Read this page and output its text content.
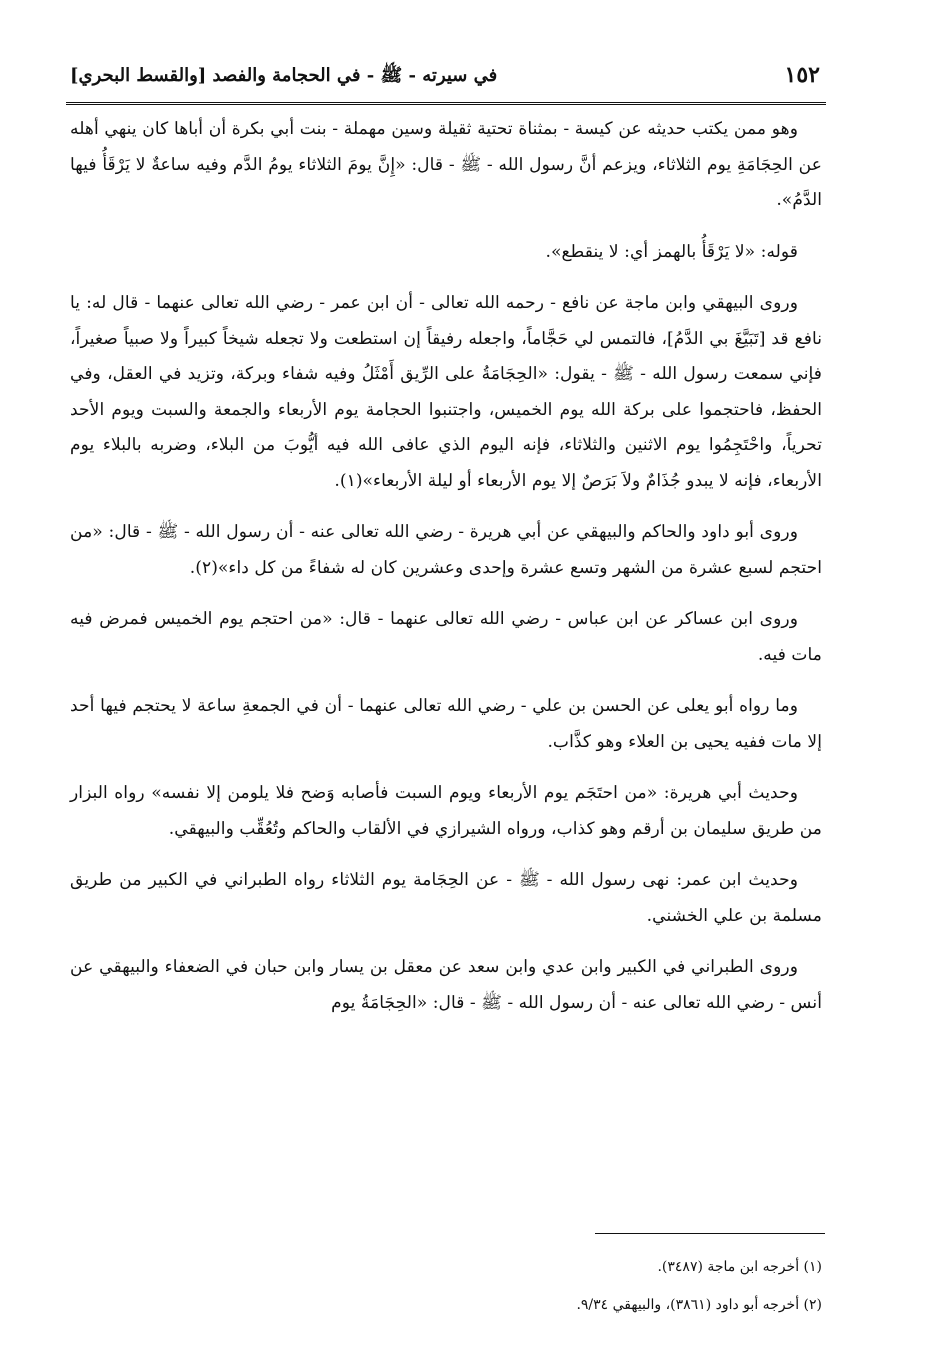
١٥٢
في سيرته - ﷺ - في الحجامة والفصد [والقسط البحري]

وهو ممن يكتب حديثه عن كيسة - بمثناة تحتية ثقيلة وسين مهملة - بنت أبي بكرة أن أباها كان ينهي أهله عن الحِجَامَةِ يوم الثلاثاء، ويزعم أنَّ رسول الله - ﷺ - قال: «إِنَّ يومَ الثلاثاء يومُ الدَّم وفيه ساعةٌ لا يَرْقَأُ فيها الدَّمُ».

قوله: «لا يَرْقَأُ بالهمز أي: لا ينقطع».

وروى البيهقي وابن ماجة عن نافع - رحمه الله تعالى - أن ابن عمر - رضي الله تعالى عنهما - قال له: يا نافع قد [تَبَيَّغَ بي الدَّمُ]، فالتمس لي حَجَّاماً، واجعله رفيقاً إن استطعت ولا تجعله شيخاً كبيراً ولا صبياً صغيراً، فإني سمعت رسول الله - ﷺ - يقول: «الحِجَامَةُ على الرِّيق أَمْثَلُ وفيه شفاء وبركة، وتزيد في العقل، وفي الحفظ، فاحتجموا على بركة الله يوم الخميس، واجتنبوا الحجامة يوم الأربعاء والجمعة والسبت ويوم الأحد تحرياً، واحْتَجِمُوا يوم الاثنين والثلاثاء، فإنه اليوم الذي عافى الله فيه أيُّوبَ من البلاء، وضربه بالبلاء يوم الأربعاء، فإنه لا يبدو جُذَامٌ ولاَ بَرَصٌ إلا يوم الأربعاء أو ليلة الأربعاء»(١).

وروى أبو داود والحاكم والبيهقي عن أبي هريرة - رضي الله تعالى عنه - أن رسول الله - ﷺ - قال: «من احتجم لسبع عشرة من الشهر وتسع عشرة وإحدى وعشرين كان له شفاءً من كل داء»(٢).

وروى ابن عساكر عن ابن عباس - رضي الله تعالى عنهما - قال: «من احتجم يوم الخميس فمرض فيه مات فيه.

وما رواه أبو يعلى عن الحسن بن علي - رضي الله تعالى عنهما - أن في الجمعةِ ساعة لا يحتجم فيها أحد إلا مات ففيه يحيى بن العلاء وهو كذَّاب.

وحديث أبي هريرة: «من احتَجَم يوم الأربعاء ويوم السبت فأصابه وَضح فلا يلومن إلا نفسه» رواه البزار من طريق سليمان بن أرقم وهو كذاب، ورواه الشيرازي في الألقاب والحاكم وتُعُقِّب والبيهقي.

وحديث ابن عمر: نهى رسول الله - ﷺ - عن الحِجَامة يوم الثلاثاء رواه الطبراني في الكبير من طريق مسلمة بن علي الخشني.

وروى الطبراني في الكبير وابن عدي وابن سعد عن معقل بن يسار وابن حبان في الضعفاء والبيهقي عن أنس - رضي الله تعالى عنه - أن رسول الله - ﷺ - قال: «الحِجَامَةُ يوم

(١) أخرجه ابن ماجة (٣٤٨٧).
(٢) أخرجه أبو داود (٣٨٦١)، والبيهقي ٩/٣٤.
